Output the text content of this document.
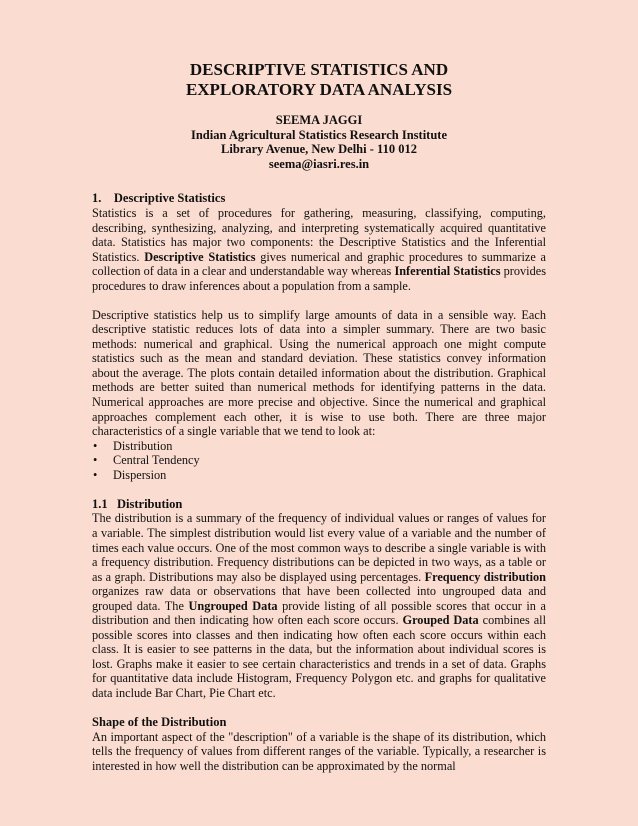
DESCRIPTIVE STATISTICS AND
EXPLORATORY DATA ANALYSIS
SEEMA JAGGI
Indian Agricultural Statistics Research Institute
Library Avenue, New Delhi - 110 012
seema@iasri.res.in
1. Descriptive Statistics

Statistics is a set of procedures for gathering, measuring, classifying, computing, describing, synthesizing, analyzing, and interpreting systematically acquired quantitative data. Statistics has major two components: the Descriptive Statistics and the Inferential Statistics. Descriptive Statistics gives numerical and graphic procedures to summarize a collection of data in a clear and understandable way whereas Inferential Statistics provides procedures to draw inferences about a population from a sample.

Descriptive statistics help us to simplify large amounts of data in a sensible way. Each descriptive statistic reduces lots of data into a simpler summary. There are two basic methods: numerical and graphical. Using the numerical approach one might compute statistics such as the mean and standard deviation. These statistics convey information about the average. The plots contain detailed information about the distribution. Graphical methods are better suited than numerical methods for identifying patterns in the data. Numerical approaches are more precise and objective. Since the numerical and graphical approaches complement each other, it is wise to use both. There are three major characteristics of a single variable that we tend to look at:

• Distribution
• Central Tendency
• Dispersion
1.1 Distribution

The distribution is a summary of the frequency of individual values or ranges of values for a variable. The simplest distribution would list every value of a variable and the number of times each value occurs. One of the most common ways to describe a single variable is with a frequency distribution. Frequency distributions can be depicted in two ways, as a table or as a graph. Distributions may also be displayed using percentages. Frequency distribution organizes raw data or observations that have been collected into ungrouped data and grouped data. The Ungrouped Data provide listing of all possible scores that occur in a distribution and then indicating how often each score occurs. Grouped Data combines all possible scores into classes and then indicating how often each score occurs within each class. It is easier to see patterns in the data, but the information about individual scores is lost. Graphs make it easier to see certain characteristics and trends in a set of data. Graphs for quantitative data include Histogram, Frequency Polygon etc. and graphs for qualitative data include Bar Chart, Pie Chart etc.

Shape of the Distribution

An important aspect of the "description" of a variable is the shape of its distribution, which tells the frequency of values from different ranges of the variable. Typically, a researcher is interested in how well the distribution can be approximated by the normal
